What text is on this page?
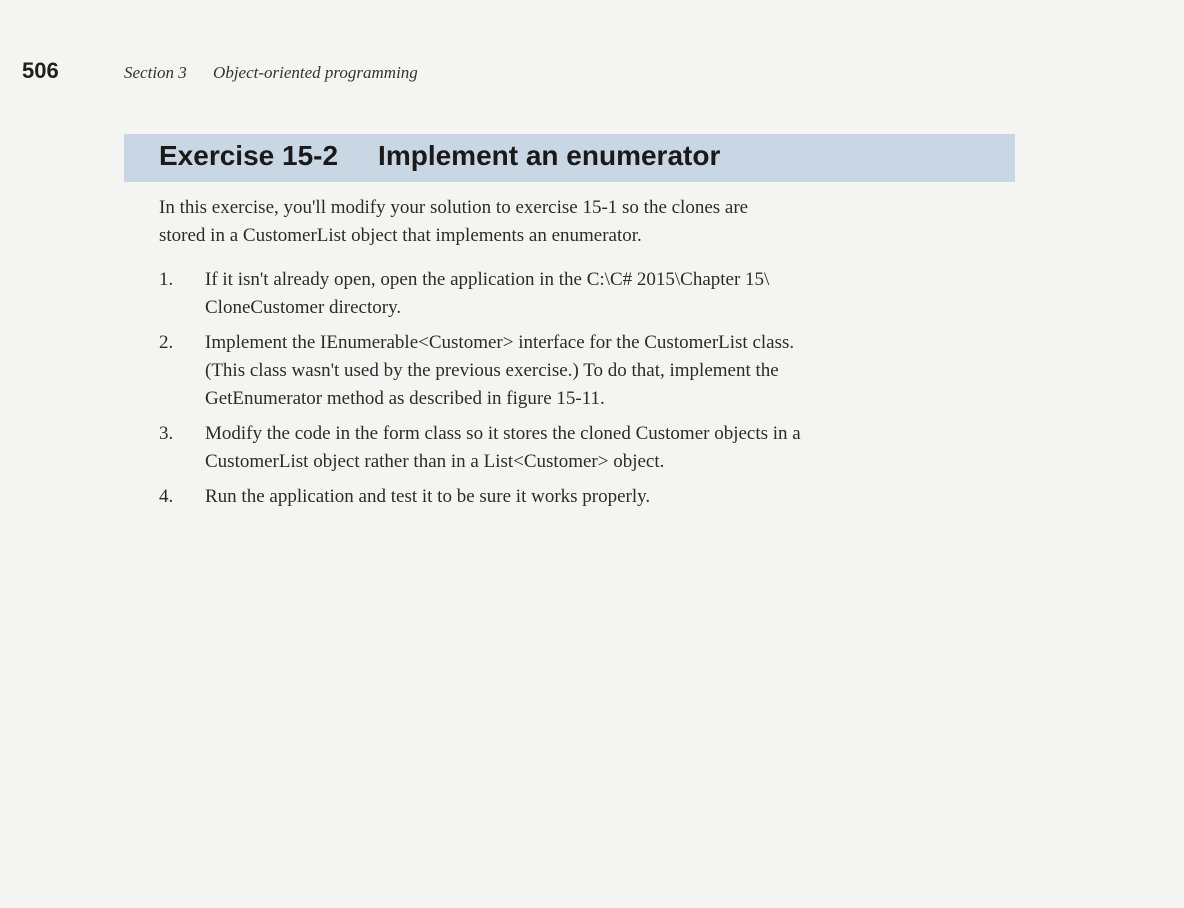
506	Section 3 Object-oriented programming
Exercise 15-2 Implement an enumerator
In this exercise, you'll modify your solution to exercise 15-1 so the clones are
stored in a CustomerList object that implements an enumerator.
1. If it isn't already open, open the application in the C:\C# 2015\Chapter 15\
CloneCustomer directory.
2. Implement the IEnumerable<Customer> interface for the CustomerList class.
(This class wasn't used by the previous exercise.) To do that, implement the
GetEnumerator method as described in figure 15-11.
3. Modify the code in the form class so it stores the cloned Customer objects in a
CustomerList object rather than in a List<Customer> object.
4. Run the application and test it to be sure it works properly.
